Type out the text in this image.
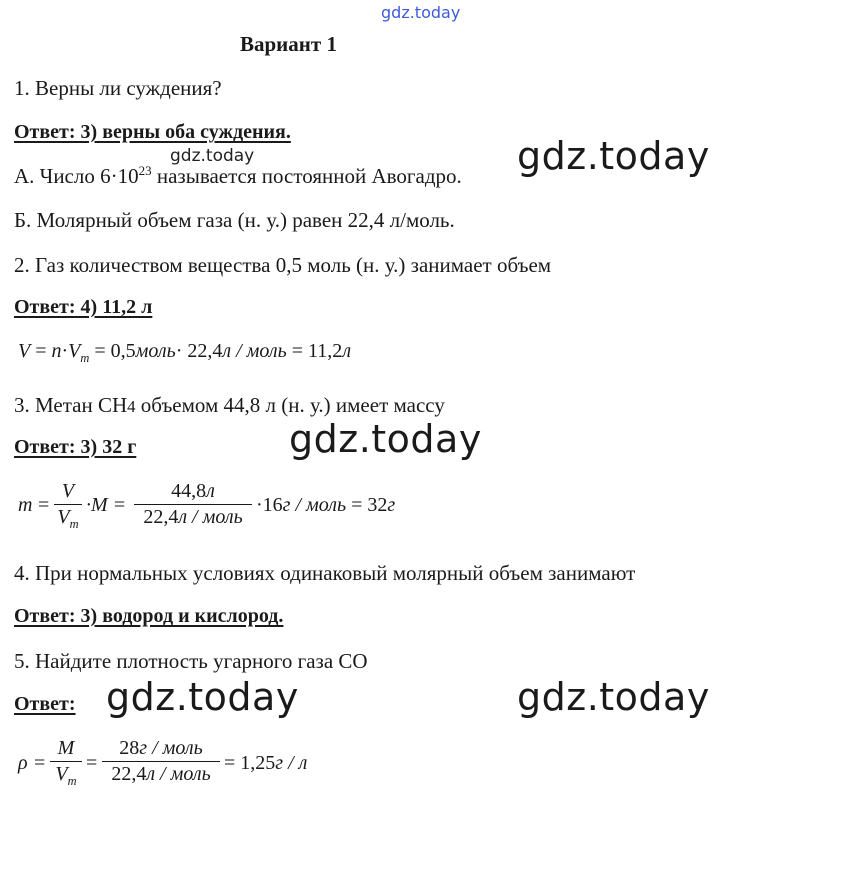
gdz.today
gdz.today	gdz.today
gdz.today
gdz.today	gdz.today
Вариант 1
1. Верны ли суждения?
Ответ: 3) верны оба суждения.
А. Число $6\cdot 10^{23}$ называется постоянной Авогадро.
Б. Молярный объем газа (н. у.) равен 22,4 л/моль.
2. Газ количеством вещества 0,5 моль (н. у.) занимает объем
Ответ: 4) 11,2 л
$V = n\cdot V_m$ = 0,5моль· 22,4л / моль = 11,2л
3. Метан CH4 объемом 44,8 л (н. у.) имеет массу
Ответ: 3) 32 г
$m = \frac{V}{V_m} \cdot M$ =
44,8л
22,4л / моль
·16г / моль = 32г
4. При нормальных условиях одинаковый молярный объем занимают
Ответ: 3) водород и кислород.
5. Найдите плотность угарного газа СО
Ответ:
$\rho = \frac{M}{V_m}$ =
28г / моль
22,4л / моль = 1,25г / л
